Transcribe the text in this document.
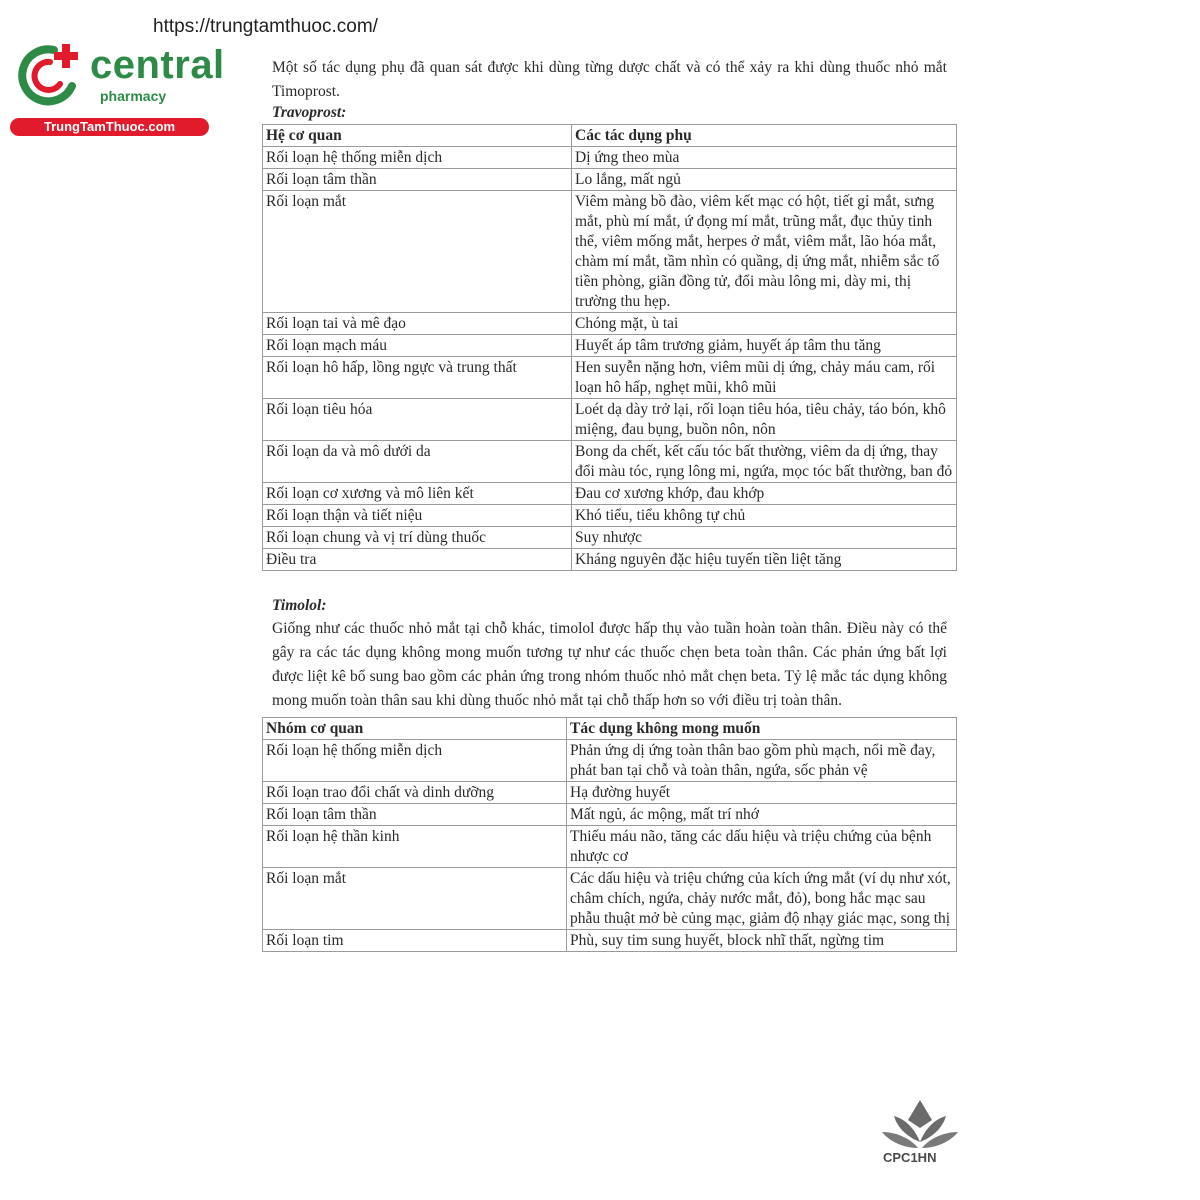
https://trungtamthuoc.com/
central
pharmacy
TrungTamThuoc.com

Một số tác dụng phụ đã quan sát được khi dùng từng dược chất và có thể xảy ra khi dùng thuốc nhỏ mắt Timoprost.

Travoprost:
Hệ cơ quan	Các tác dụng phụ
Rối loạn hệ thống miễn dịch	Dị ứng theo mùa
Rối loạn tâm thần	Lo lắng, mất ngủ
Rối loạn mắt	Viêm màng bồ đào, viêm kết mạc có hột, tiết gỉ mắt, sưng mắt, phù mí mắt, ứ đọng mí mắt, trũng mắt, đục thủy tinh thể, viêm mống mắt, herpes ở mắt, viêm mắt, lão hóa mắt, chàm mí mắt, tầm nhìn có quầng, dị ứng mắt, nhiễm sắc tố tiền phòng, giãn đồng tử, đổi màu lông mi, dày mi, thị trường thu hẹp.
Rối loạn tai và mê đạo	Chóng mặt, ù tai
Rối loạn mạch máu	Huyết áp tâm trương giảm, huyết áp tâm thu tăng
Rối loạn hô hấp, lồng ngực và trung thất	Hen suyễn nặng hơn, viêm mũi dị ứng, chảy máu cam, rối loạn hô hấp, nghẹt mũi, khô mũi
Rối loạn tiêu hóa	Loét dạ dày trở lại, rối loạn tiêu hóa, tiêu chảy, táo bón, khô miệng, đau bụng, buồn nôn, nôn
Rối loạn da và mô dưới da	Bong da chết, kết cấu tóc bất thường, viêm da dị ứng, thay đổi màu tóc, rụng lông mi, ngứa, mọc tóc bất thường, ban đỏ
Rối loạn cơ xương và mô liên kết	Đau cơ xương khớp, đau khớp
Rối loạn thận và tiết niệu	Khó tiểu, tiểu không tự chủ
Rối loạn chung và vị trí dùng thuốc	Suy nhược
Điều tra	Kháng nguyên đặc hiệu tuyến tiền liệt tăng
Timolol:

Giống như các thuốc nhỏ mắt tại chỗ khác, timolol được hấp thụ vào tuần hoàn toàn thân. Điều này có thể gây ra các tác dụng không mong muốn tương tự như các thuốc chẹn beta toàn thân. Các phản ứng bất lợi được liệt kê bổ sung bao gồm các phản ứng trong nhóm thuốc nhỏ mắt chẹn beta. Tỷ lệ mắc tác dụng không mong muốn toàn thân sau khi dùng thuốc nhỏ mắt tại chỗ thấp hơn so với điều trị toàn thân.

Nhóm cơ quan	Tác dụng không mong muốn
Rối loạn hệ thống miễn dịch	Phản ứng dị ứng toàn thân bao gồm phù mạch, nổi mề đay, phát ban tại chỗ và toàn thân, ngứa, sốc phản vệ
Rối loạn trao đổi chất và dinh dưỡng	Hạ đường huyết
Rối loạn tâm thần	Mất ngủ, ác mộng, mất trí nhớ
Rối loạn hệ thần kinh	Thiếu máu não, tăng các dấu hiệu và triệu chứng của bệnh nhược cơ
Rối loạn mắt	Các dấu hiệu và triệu chứng của kích ứng mắt (ví dụ như xót, châm chích, ngứa, chảy nước mắt, đỏ), bong hắc mạc sau phẫu thuật mở bè củng mạc, giảm độ nhạy giác mạc, song thị
Rối loạn tim	Phù, suy tim sung huyết, block nhĩ thất, ngừng tim
CPC1HN
